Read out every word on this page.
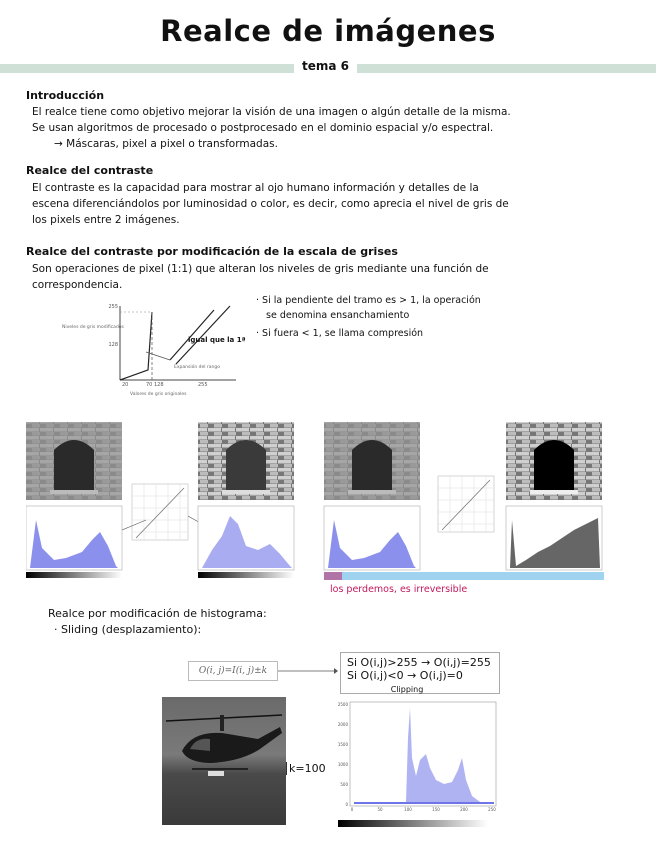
Realce de imágenes
tema 6
Introducción
El realce tiene como objetivo mejorar la visión de una imagen o algún detalle de la misma.
Se usan algoritmos de procesado o postprocesado en el dominio espacial y/o espectral.
→ Máscaras, pixel a pixel o transformadas.
Realce del contraste
El contraste es la capacidad para mostrar al ojo humano información y detalles de la
escena diferenciándolos por luminosidad o color, es decir, como aprecia el nivel de gris de
los pixels entre 2 imágenes.
Realce del contraste por modificación de la escala de grises
Son operaciones de pixel (1:1) que alteran los niveles de gris mediante una función de
correspondencia.
255
128
20	70 128	255
Niveles de gris modificados
Valores de gris originales
Expansión del rango
igual que la 1ª
· Si la pendiente del tramo es > 1, la operación
se denomina ensanchamiento
· Si fuera < 1, se llama compresión
los perdemos, es irreversible
Realce por modificación de histograma:
· Sliding (desplazamiento):
O(i, j)=I(i, j)±k
Si O(i,j)>255 → O(i,j)=255
Si O(i,j)<0 → O(i,j)=0
Clipping
k=100
2500
2000
1500
1000
500
0
0	50	100	150	200	250
